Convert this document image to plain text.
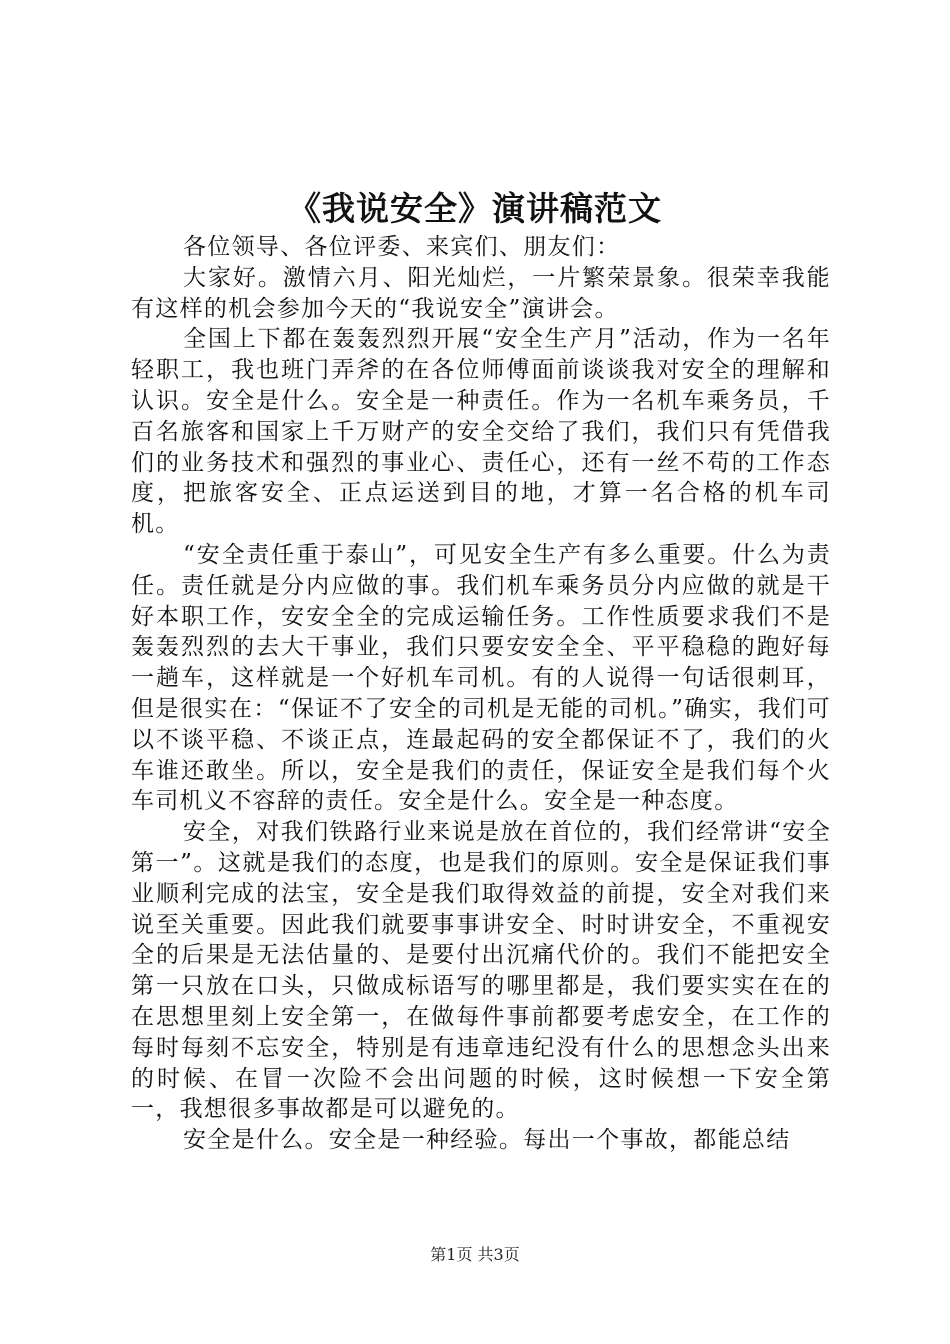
《我说安全》演讲稿范文

各位领导、各位评委、来宾们、朋友们：

大家好。激情六月、阳光灿烂，一片繁荣景象。很荣幸我能有这样的机会参加今天的“我说安全”演讲会。

全国上下都在轰轰烈烈开展“安全生产月”活动，作为一名年轻职工，我也班门弄斧的在各位师傅面前谈谈我对安全的理解和认识。安全是什么。安全是一种责任。作为一名机车乘务员，千百名旅客和国家上千万财产的安全交给了我们，我们只有凭借我们的业务技术和强烈的事业心、责任心，还有一丝不苟的工作态度，把旅客安全、正点运送到目的地，才算一名合格的机车司机。

“安全责任重于泰山”，可见安全生产有多么重要。什么为责任。责任就是分内应做的事。我们机车乘务员分内应做的就是干好本职工作，安安全全的完成运输任务。工作性质要求我们不是轰轰烈烈的去大干事业，我们只要安安全全、平平稳稳的跑好每一趟车，这样就是一个好机车司机。有的人说得一句话很刺耳，但是很实在：“保证不了安全的司机是无能的司机。”确实，我们可以不谈平稳、不谈正点，连最起码的安全都保证不了，我们的火车谁还敢坐。所以，安全是我们的责任，保证安全是我们每个火车司机义不容辞的责任。安全是什么。安全是一种态度。

安全，对我们铁路行业来说是放在首位的，我们经常讲“安全第一”。这就是我们的态度，也是我们的原则。安全是保证我们事业顺利完成的法宝，安全是我们取得效益的前提，安全对我们来说至关重要。因此我们就要事事讲安全、时时讲安全，不重视安全的后果是无法估量的、是要付出沉痛代价的。我们不能把安全第一只放在口头，只做成标语写的哪里都是，我们要实实在在的在思想里刻上安全第一，在做每件事前都要考虑安全，在工作的每时每刻不忘安全，特别是有违章违纪没有什么的思想念头出来的时候、在冒一次险不会出问题的时候，这时候想一下安全第一，我想很多事故都是可以避免的。

安全是什么。安全是一种经验。每出一个事故，都能总结

第1页 共3页
